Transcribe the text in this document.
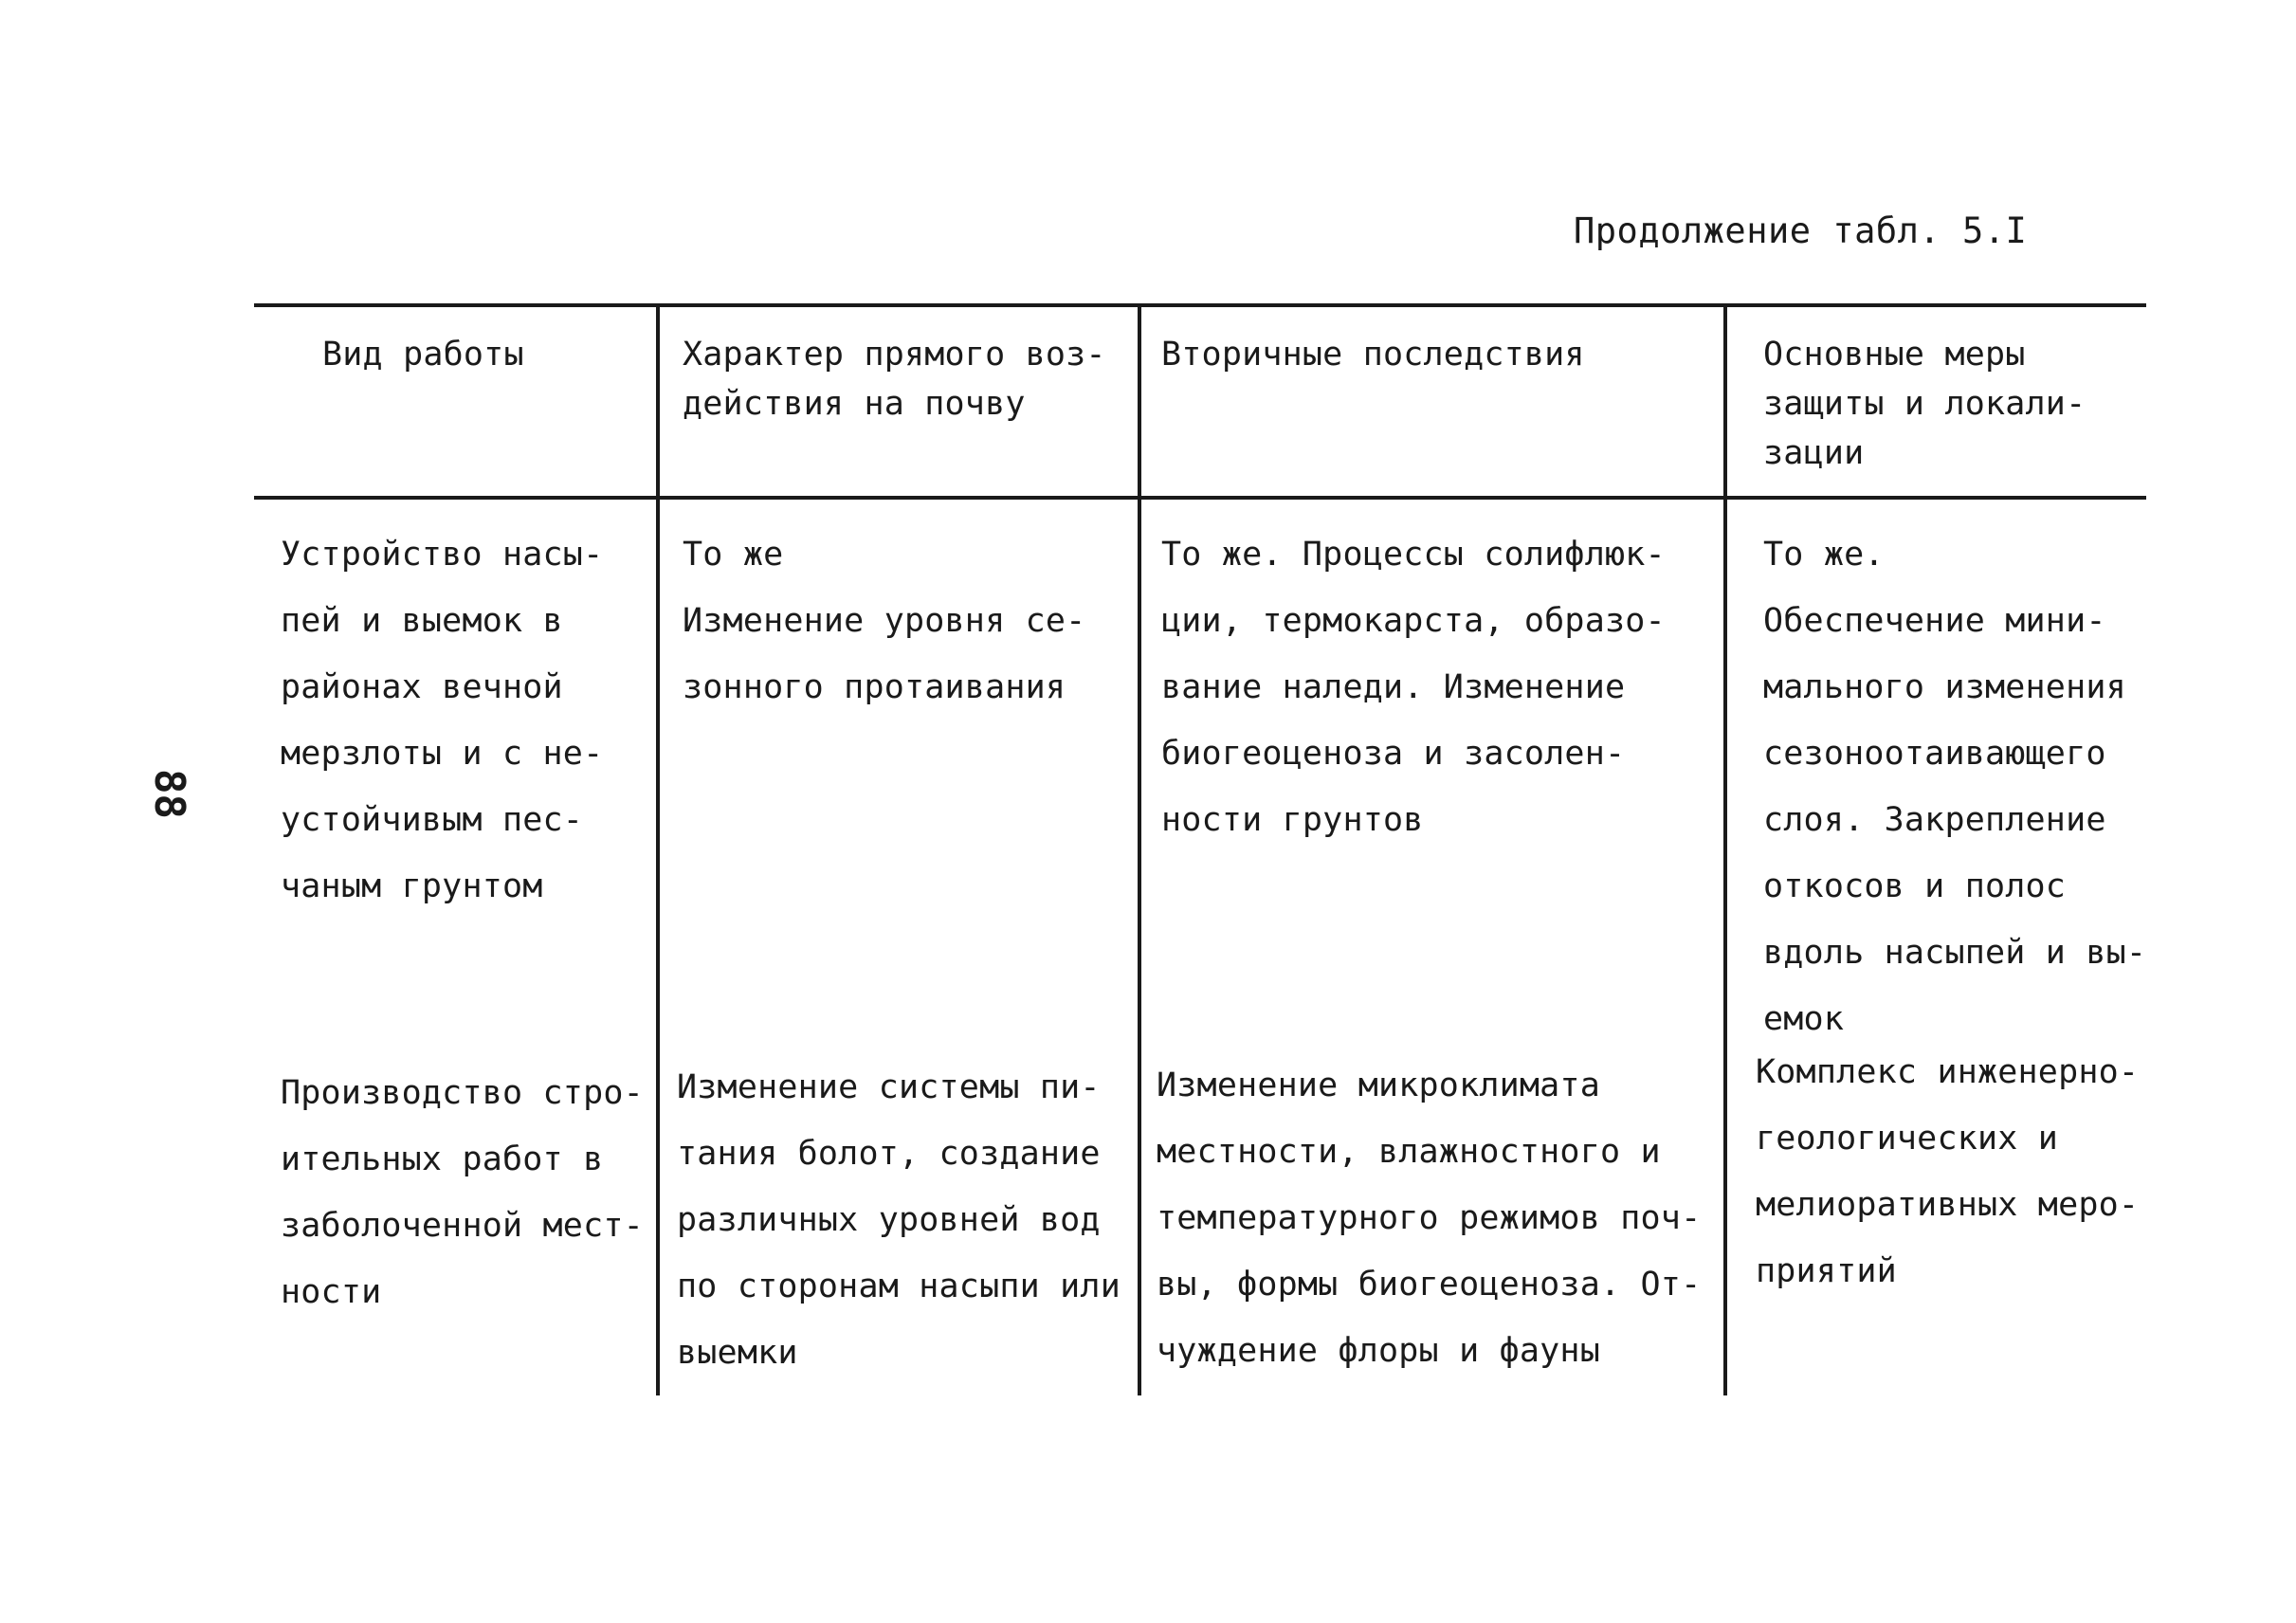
Продолжение табл. 5.I
88
Вид работы	Характер прямого воз-
действия на почву
Вторичные последствия	Основные меры
защиты и локали-
зации
Устройство насы-
пей и выемок в
районах вечной
мерзлоты и с не-
устойчивым пес-
чаным грунтом
То же
Изменение уровня се-
зонного протаивания
То же. Процессы солифлюк-
ции, термокарста, образо-
вание наледи. Изменение
биогеоценоза и засолен-
ности грунтов
То же.
Обеспечение мини-
мального изменения
сезоноотаивающего
слоя. Закрепление
откосов и полос
вдоль насыпей и вы-
емок
Производство стро-
ительных работ в
заболоченной мест-
ности
Изменение системы пи-
тания болот, создание
различных уровней вод
по сторонам насыпи или
выемки
Изменение микроклимата
местности, влажностного и
температурного режимов поч-
вы, формы биогеоценоза. От-
чуждение флоры и фауны
Комплекс инженерно-
геологических и
мелиоративных меро-
приятий
